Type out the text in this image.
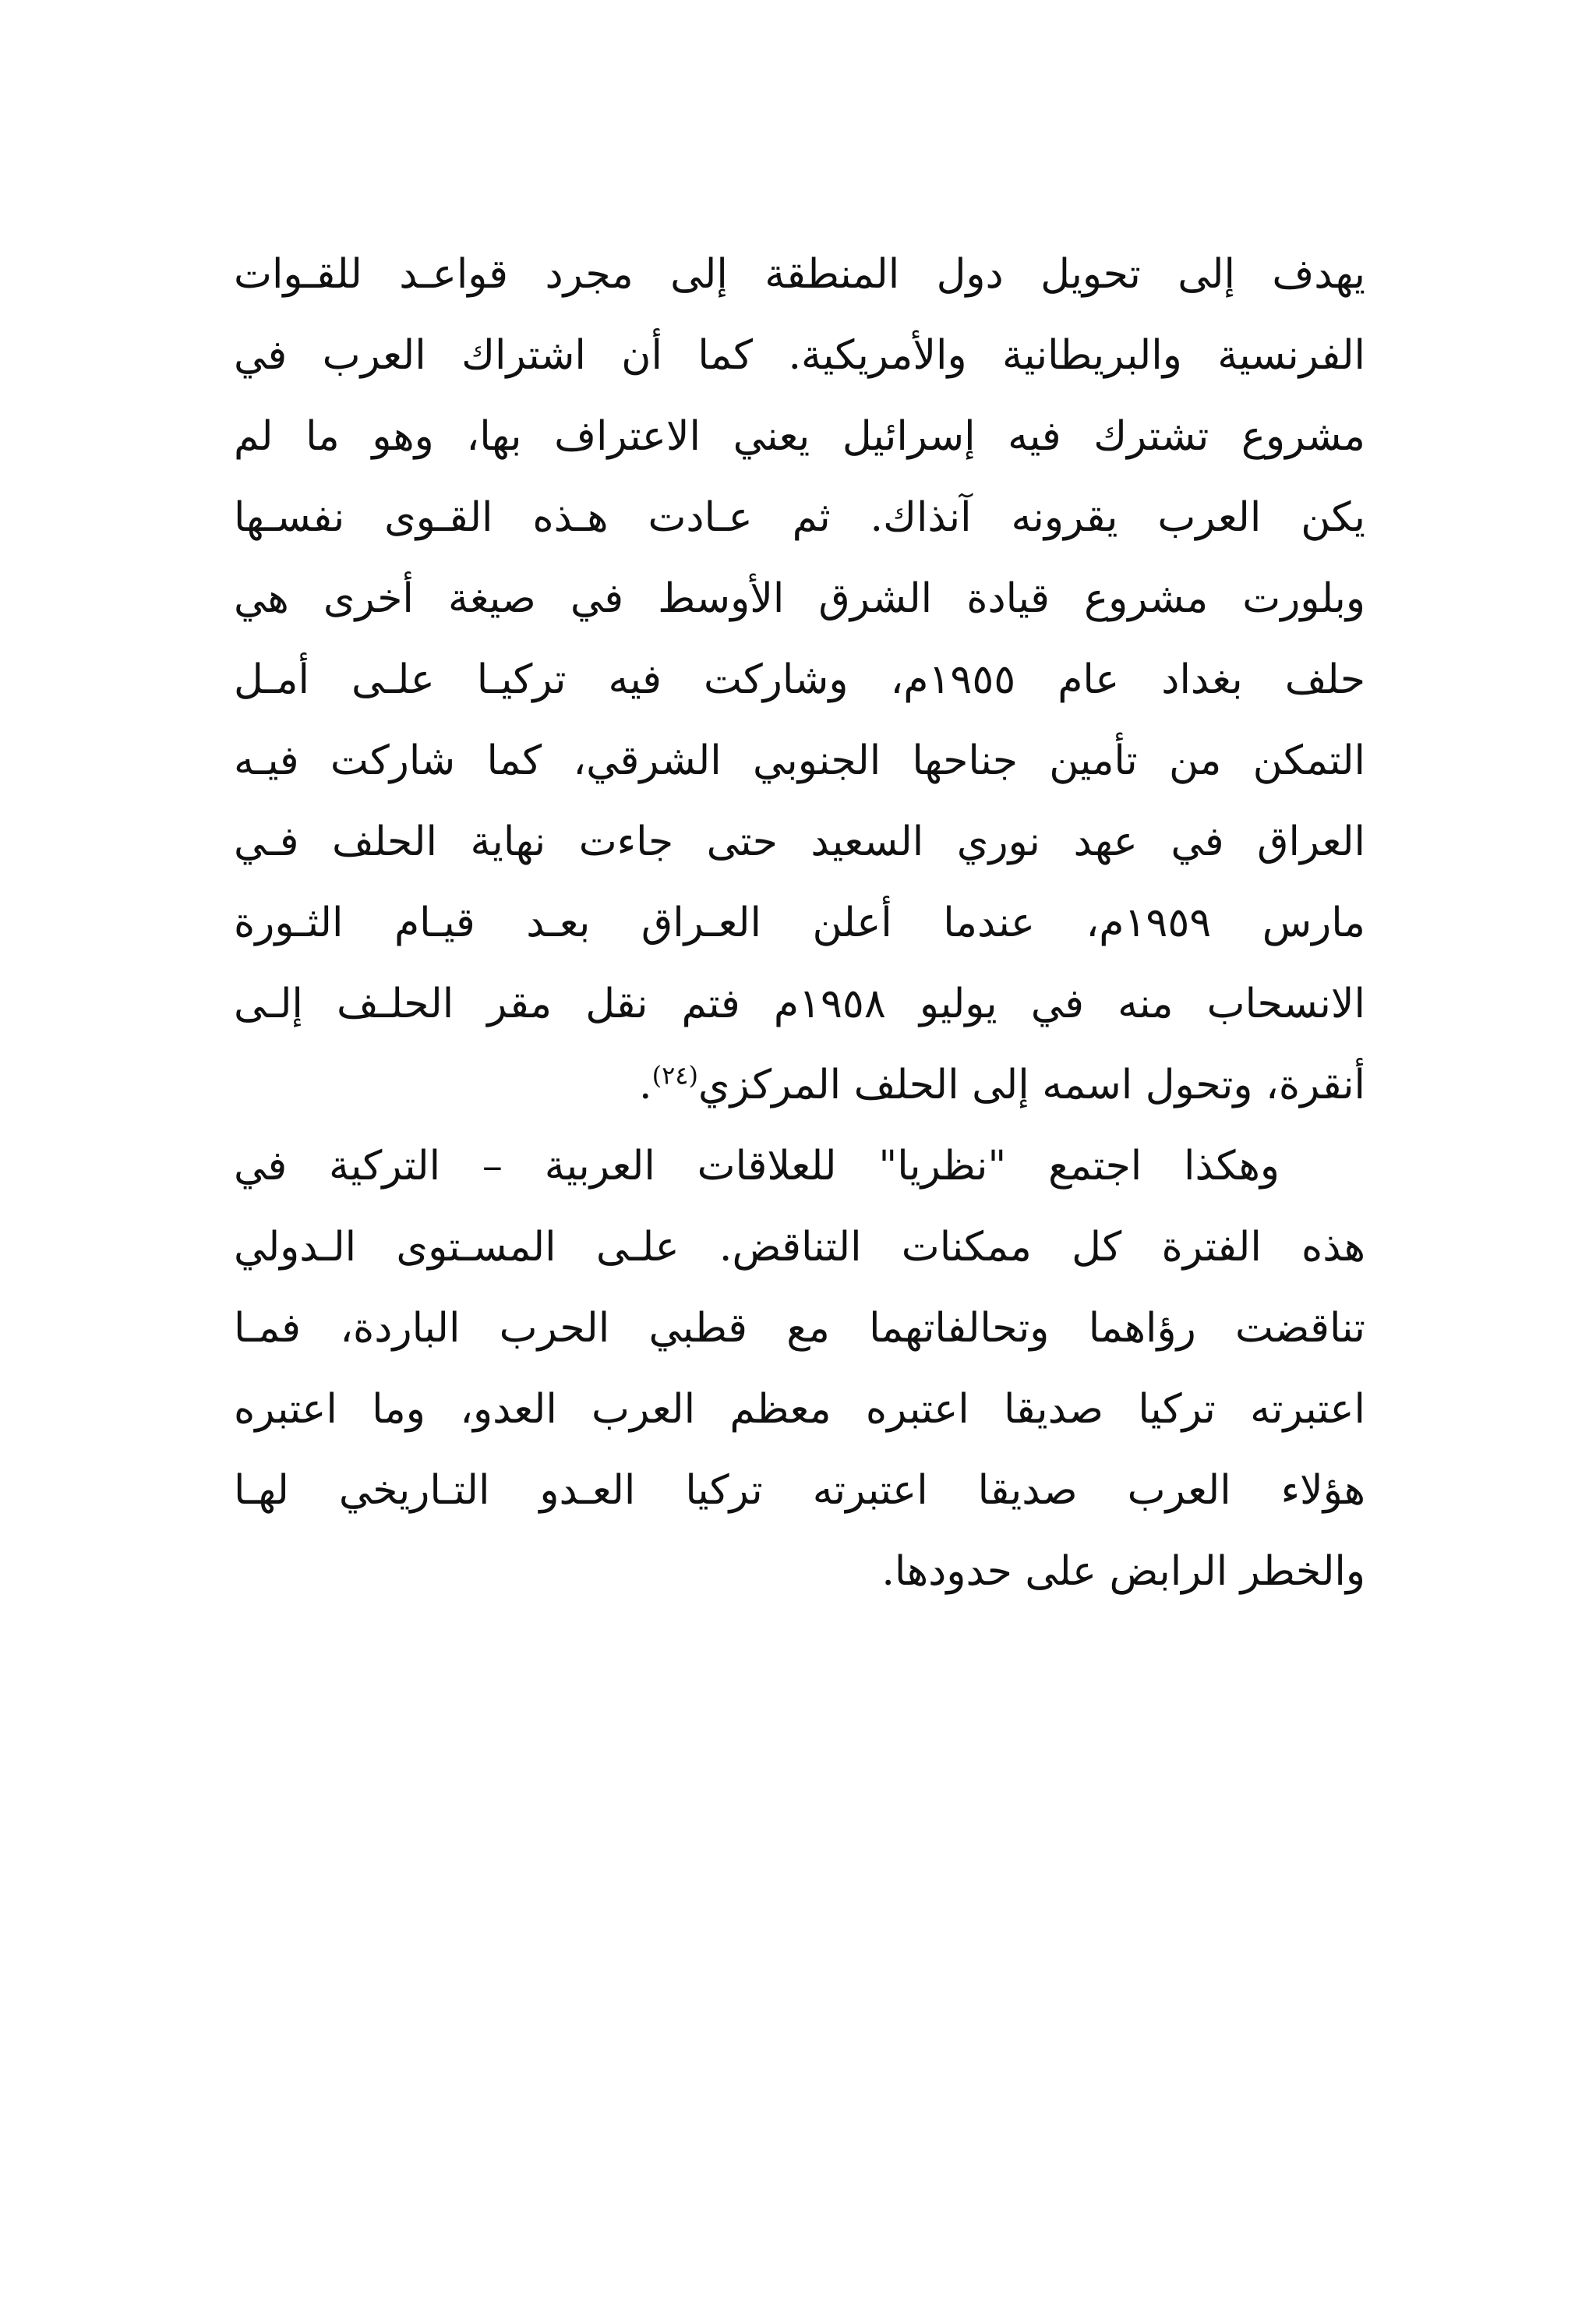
يهدف إلى تحويل دول المنطقة إلى مجرد قواعـد للقـوات
الفرنسية والبريطانية والأمريكية. كما أن اشتراك العرب في
مشروع تشترك فيه إسرائيل يعني الاعتراف بها، وهو ما لم
يكن العرب يقرونه آنذاك. ثم عـادت هـذه القـوى نفسـها
وبلورت مشروع قيادة الشرق الأوسط في صيغة أخرى هي
حلف بغداد عام ١٩٥٥م، وشاركت فيه تركيـا علـى أمـل
التمكن من تأمين جناحها الجنوبي الشرقي، كما شاركت فيـه
العراق في عهد نوري السعيد حتى جاءت نهاية الحلف فـي
مارس ١٩٥٩م، عندما أعلن العـراق بعـد قيـام الثـورة
الانسحاب منه في يوليو ١٩٥٨م فتم نقل مقر الحلـف إلـى
أنقرة، وتحول اسمه إلى الحلف المركزي$^{(٢٤)}$.
وهكذا اجتمع "نظريا" للعلاقات العربية – التركية في
هذه الفترة كل ممكنات التناقض. علـى المسـتوى الـدولي
تناقضت رؤاهما وتحالفاتهما مع قطبي الحرب الباردة، فمـا
اعتبرته تركيا صديقا اعتبره معظم العرب العدو، وما اعتبره
هؤلاء العرب صديقا اعتبرته تركيا العـدو التـاريخي لهـا
والخطر الرابض على حدودها.
